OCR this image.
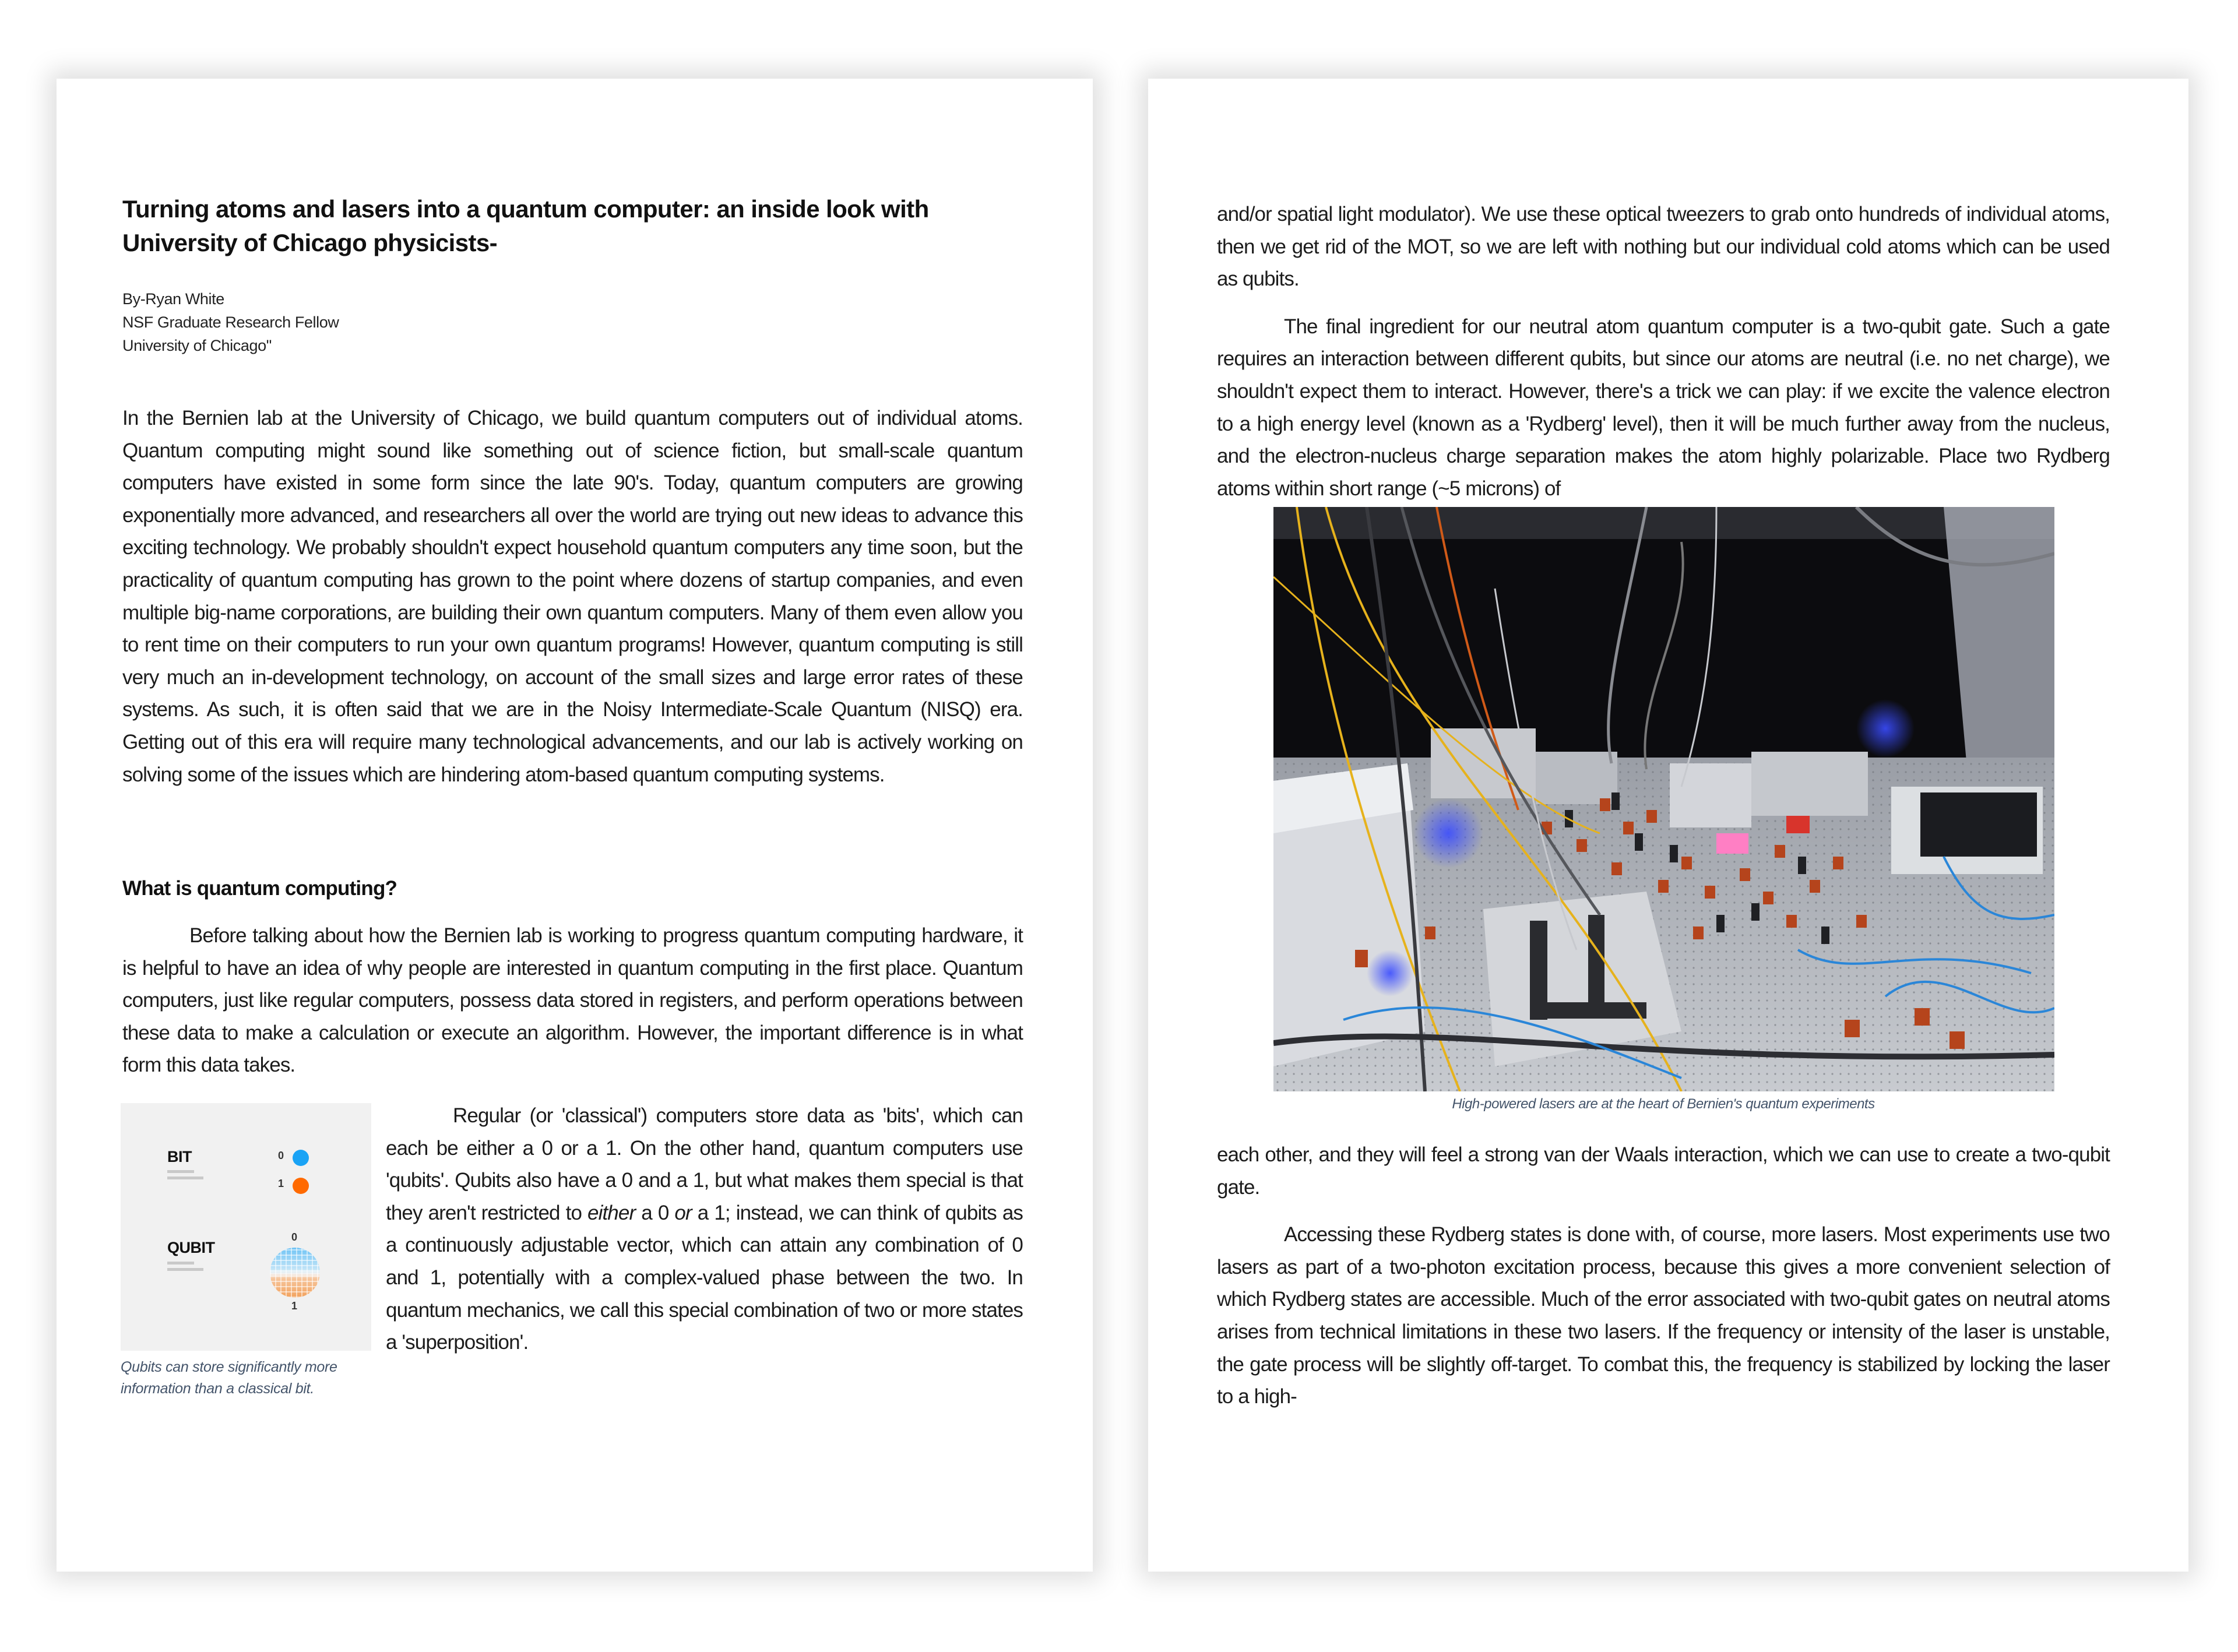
Turning atoms and lasers into a quantum computer: an inside look with University of Chicago physicists-
By-Ryan White
NSF Graduate Research Fellow
University of Chicago"

In the Bernien lab at the University of Chicago, we build quantum computers out of individual atoms. Quantum computing might sound like something out of science fiction, but small-scale quantum computers have existed in some form since the late 90's. Today, quantum computers are growing exponentially more advanced, and researchers all over the world are trying out new ideas to advance this exciting technology. We probably shouldn't expect household quantum computers any time soon, but the practicality of quantum computing has grown to the point where dozens of startup companies, and even multiple big-name corporations, are building their own quantum computers. Many of them even allow you to rent time on their computers to run your own quantum programs! However, quantum computing is still very much an in-development technology, on account of the small sizes and large error rates of these systems. As such, it is often said that we are in the Noisy Intermediate-Scale Quantum (NISQ) era. Getting out of this era will require many technological advancements, and our lab is actively working on solving some of the issues which are hindering atom-based quantum computing systems.

What is quantum computing?

Before talking about how the Bernien lab is working to progress quantum computing hardware, it is helpful to have an idea of why people are interested in quantum computing in the first place. Quantum computers, just like regular computers, possess data stored in registers, and perform operations between these data to make a calculation or execute an algorithm. However, the important difference is in what form this data takes.

BIT	0
1
QUBIT
0
1
Qubits can store significantly more information than a classical bit.

Regular (or 'classical') computers store data as 'bits', which can each be either a 0 or a 1. On the other hand, quantum computers use 'qubits'. Qubits also have a 0 and a 1, but what makes them special is that they aren't restricted to either a 0 or a 1; instead, we can think of qubits as a continuously adjustable vector, which can attain any combination of 0 and 1, potentially with a complex-valued phase between the two. In quantum mechanics, we call this special combination of two or more states a 'superposition'.

and/or spatial light modulator). We use these optical tweezers to grab onto hundreds of individual atoms, then we get rid of the MOT, so we are left with nothing but our individual cold atoms which can be used as qubits.

The final ingredient for our neutral atom quantum computer is a two-qubit gate. Such a gate requires an interaction between different qubits, but since our atoms are neutral (i.e. no net charge), we shouldn't expect them to interact. However, there's a trick we can play: if we excite the valence electron to a high energy level (known as a 'Rydberg' level), then it will be much further away from the nucleus, and the electron-nucleus charge separation makes the atom highly polarizable. Place two Rydberg atoms within short range (~5 microns) of

High-powered lasers are at the heart of Bernien's quantum experiments

each other, and they will feel a strong van der Waals interaction, which we can use to create a two-qubit gate.

Accessing these Rydberg states is done with, of course, more lasers. Most experiments use two lasers as part of a two-photon excitation process, because this gives a more convenient selection of which Rydberg states are accessible. Much of the error associated with two-qubit gates on neutral atoms arises from technical limitations in these two lasers. If the frequency or intensity of the laser is unstable, the gate process will be slightly off-target. To combat this, the frequency is stabilized by locking the laser to a high-
